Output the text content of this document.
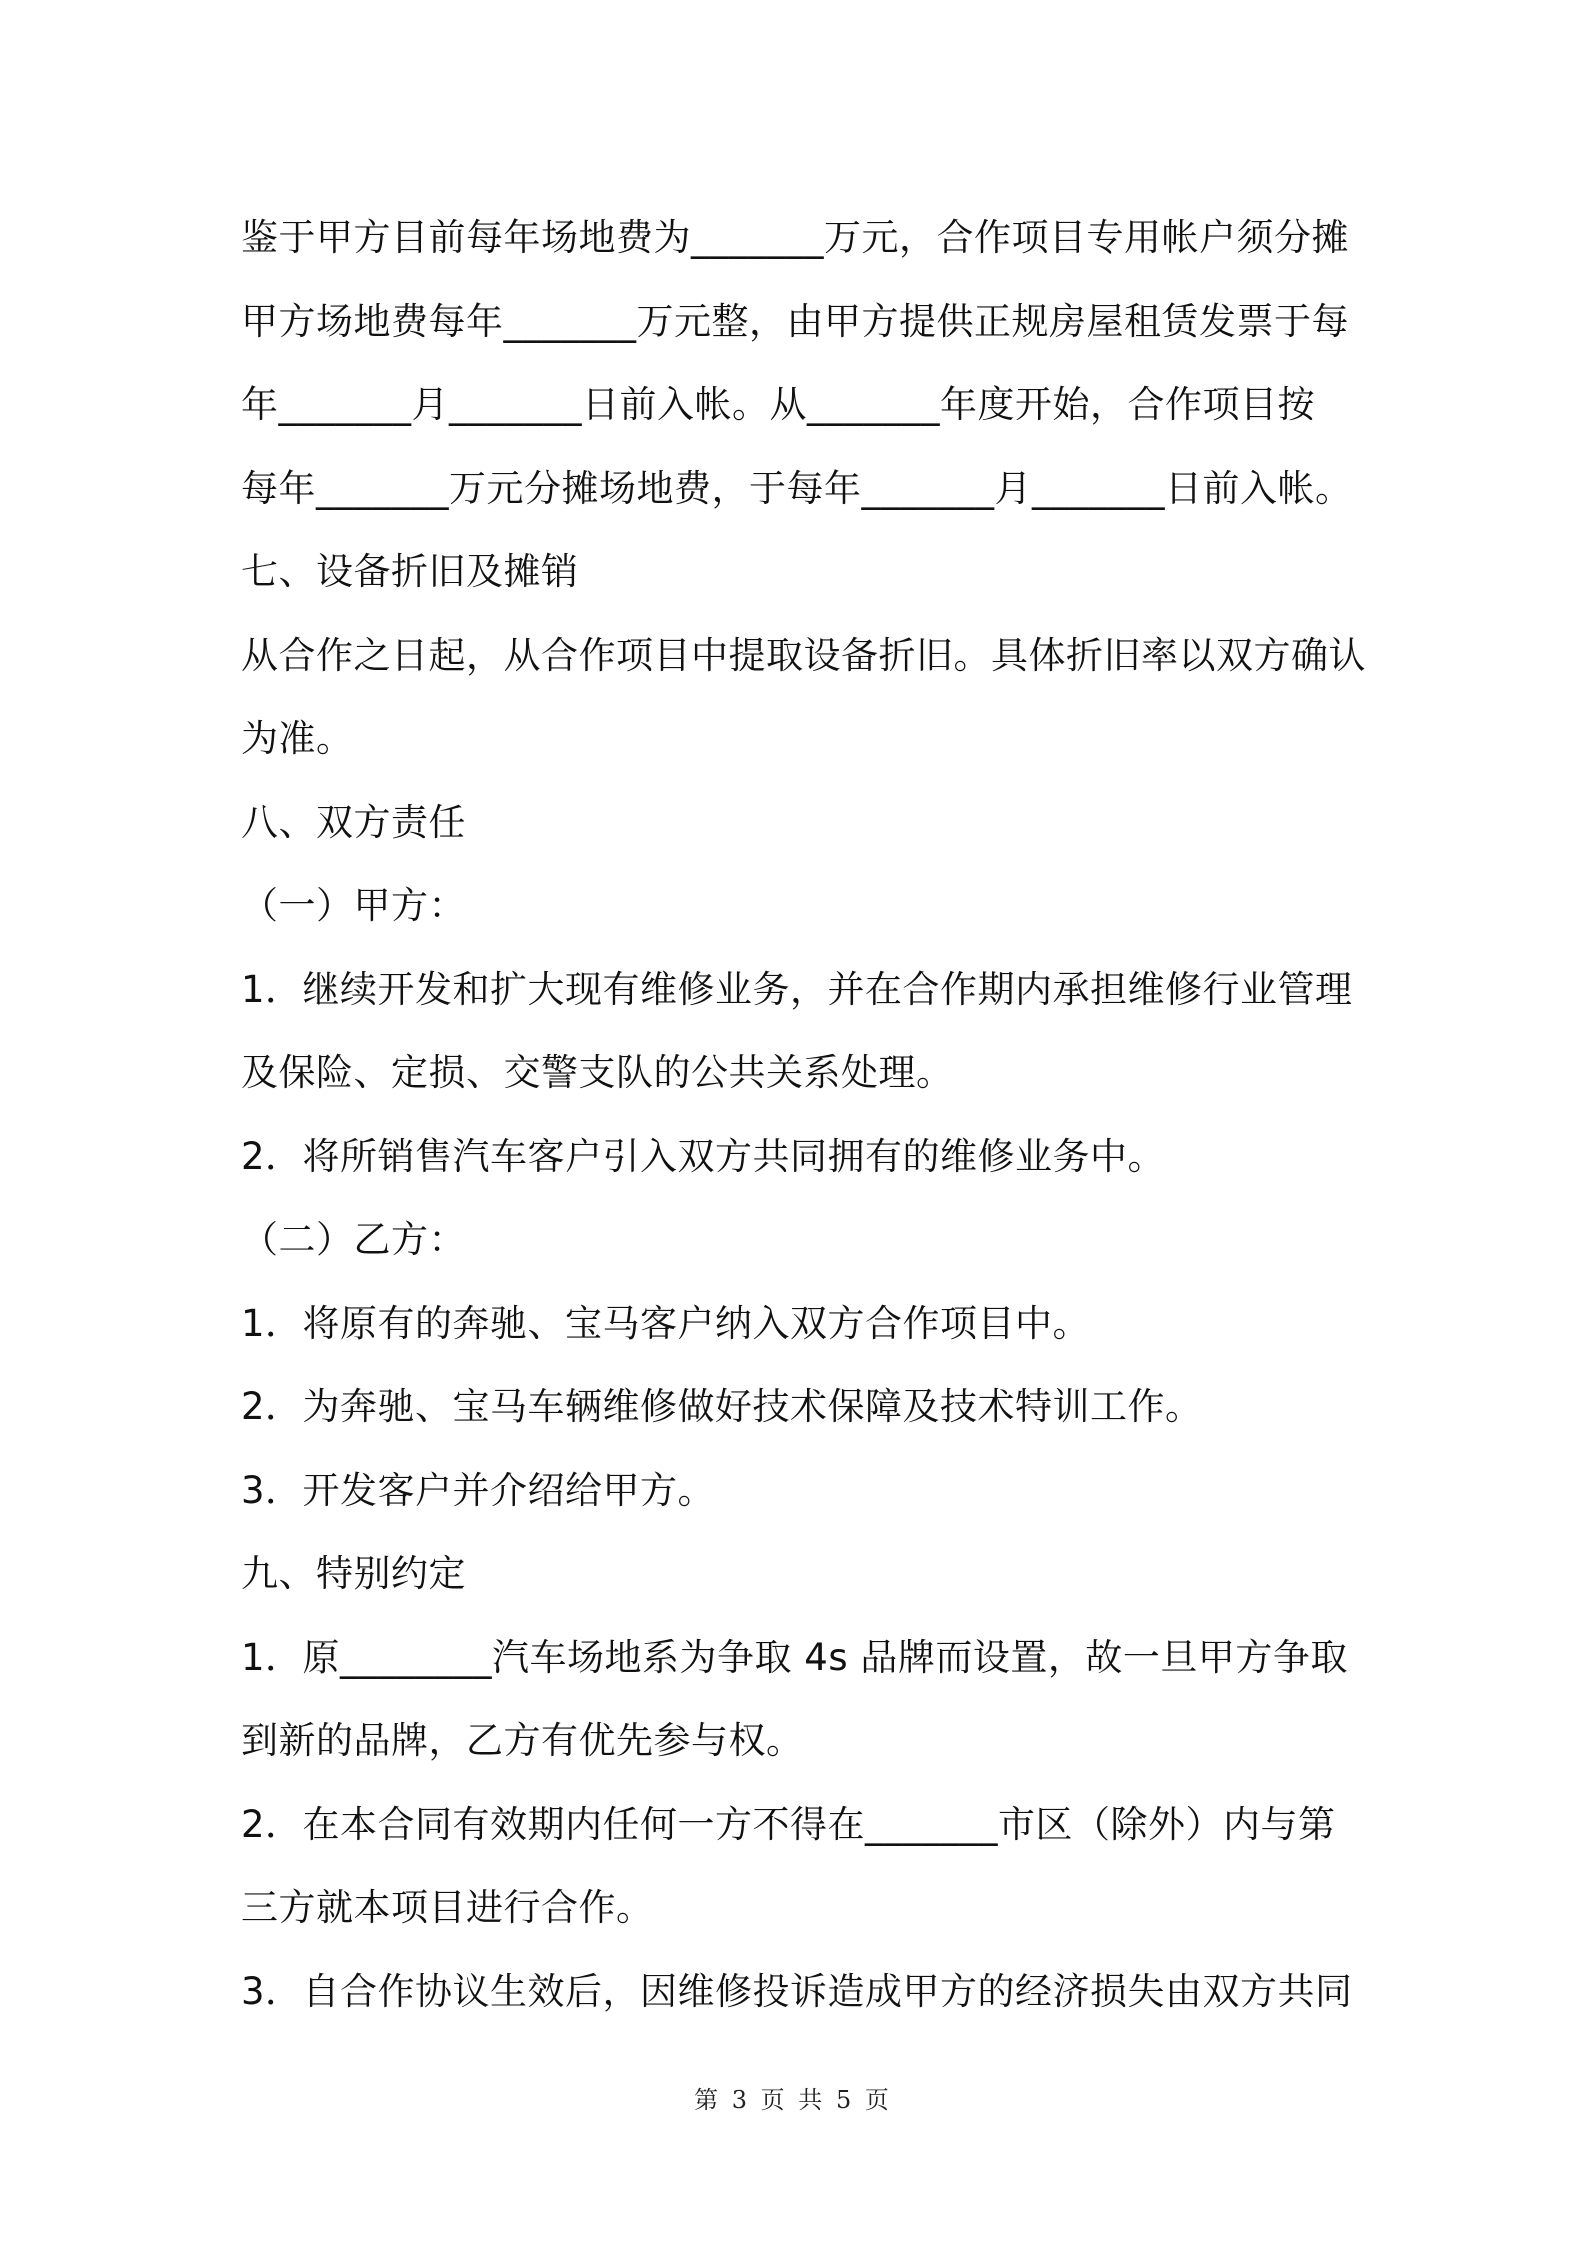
鉴于甲方目前每年场地费为_______万元，合作项目专用帐户须分摊
甲方场地费每年_______万元整，由甲方提供正规房屋租赁发票于每
年_______月_______日前入帐。从_______年度开始，合作项目按
每年_______万元分摊场地费，于每年_______月_______日前入帐。
七、设备折旧及摊销
从合作之日起，从合作项目中提取设备折旧。具体折旧率以双方确认
为准。
八、双方责任
（一）甲方：
1．继续开发和扩大现有维修业务，并在合作期内承担维修行业管理
及保险、定损、交警支队的公共关系处理。
2．将所销售汽车客户引入双方共同拥有的维修业务中。
（二）乙方：
1．将原有的奔驰、宝马客户纳入双方合作项目中。
2．为奔驰、宝马车辆维修做好技术保障及技术特训工作。
3．开发客户并介绍给甲方。
九、特别约定
1．原________汽车场地系为争取 4s 品牌而设置，故一旦甲方争取
到新的品牌，乙方有优先参与权。
2．在本合同有效期内任何一方不得在_______市区（除外）内与第
三方就本项目进行合作。
3．自合作协议生效后，因维修投诉造成甲方的经济损失由双方共同
第 3 页 共 5 页
